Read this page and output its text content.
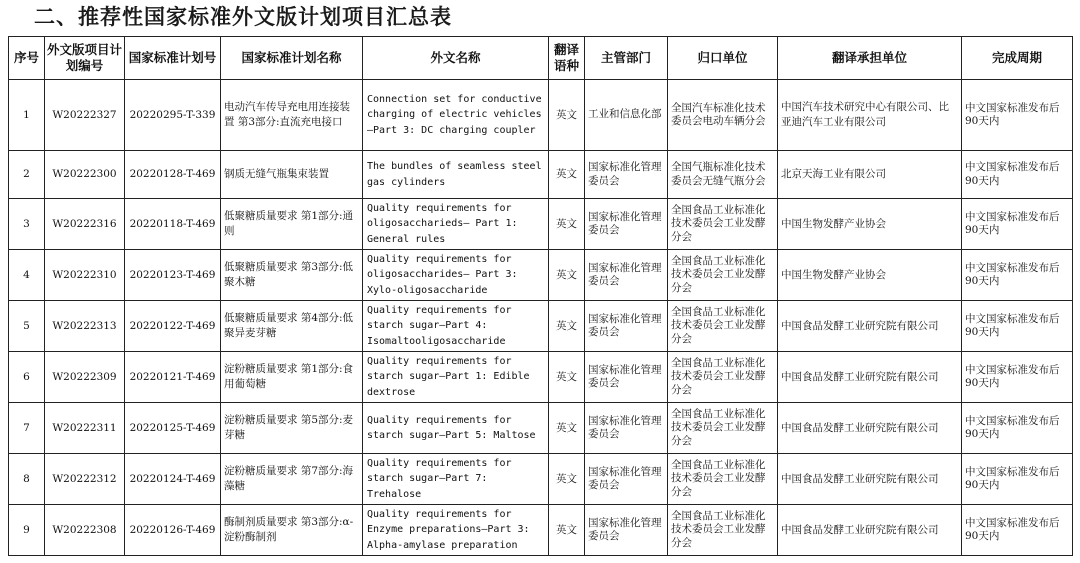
二、推荐性国家标准外文版计划项目汇总表
序号	外文版项目计划编号	国家标准计划号	国家标准计划名称	外文名称	翻译语种	主管部门	归口单位	翻译承担单位	完成周期
1	W20222327	20220295-T-339	电动汽车传导充电用连接装置 第3部分:直流充电接口	Connection set for conductive charging of electric vehicles—Part 3: DC charging coupler	英文	工业和信息化部	全国汽车标准化技术委员会电动车辆分会	中国汽车技术研究中心有限公司、比亚迪汽车工业有限公司	中文国家标准发布后90天内
2	W20222300	20220128-T-469	钢质无缝气瓶集束装置	The bundles of seamless steel gas cylinders	英文	国家标准化管理委员会	全国气瓶标准化技术委员会无缝气瓶分会	北京天海工业有限公司	中文国家标准发布后90天内
3	W20222316	20220118-T-469	低聚糖质量要求 第1部分:通则	Quality requirements for oligosaccharieds— Part 1: General rules	英文	国家标准化管理委员会	全国食品工业标准化技术委员会工业发酵分会	中国生物发酵产业协会	中文国家标准发布后90天内
4	W20222310	20220123-T-469	低聚糖质量要求 第3部分:低聚木糖	Quality requirements for oligosaccharides— Part 3: Xylo-oligosaccharide	英文	国家标准化管理委员会	全国食品工业标准化技术委员会工业发酵分会	中国生物发酵产业协会	中文国家标准发布后90天内
5	W20222313	20220122-T-469	低聚糖质量要求 第4部分:低聚异麦芽糖	Quality requirements for starch sugar—Part 4: Isomaltooligosaccharide	英文	国家标准化管理委员会	全国食品工业标准化技术委员会工业发酵分会	中国食品发酵工业研究院有限公司	中文国家标准发布后90天内
6	W20222309	20220121-T-469	淀粉糖质量要求 第1部分:食用葡萄糖	Quality requirements for starch sugar—Part 1: Edible dextrose	英文	国家标准化管理委员会	全国食品工业标准化技术委员会工业发酵分会	中国食品发酵工业研究院有限公司	中文国家标准发布后90天内
7	W20222311	20220125-T-469	淀粉糖质量要求 第5部分:麦芽糖	Quality requirements for starch sugar—Part 5: Maltose	英文	国家标准化管理委员会	全国食品工业标准化技术委员会工业发酵分会	中国食品发酵工业研究院有限公司	中文国家标准发布后90天内
8	W20222312	20220124-T-469	淀粉糖质量要求 第7部分:海藻糖	Quality requirements for starch sugar—Part 7: Trehalose	英文	国家标准化管理委员会	全国食品工业标准化技术委员会工业发酵分会	中国食品发酵工业研究院有限公司	中文国家标准发布后90天内
9	W20222308	20220126-T-469	酶制剂质量要求 第3部分:α-淀粉酶制剂	Quality requirements for Enzyme preparations—Part 3: Alpha-amylase preparation	英文	国家标准化管理委员会	全国食品工业标准化技术委员会工业发酵分会	中国食品发酵工业研究院有限公司	中文国家标准发布后90天内
